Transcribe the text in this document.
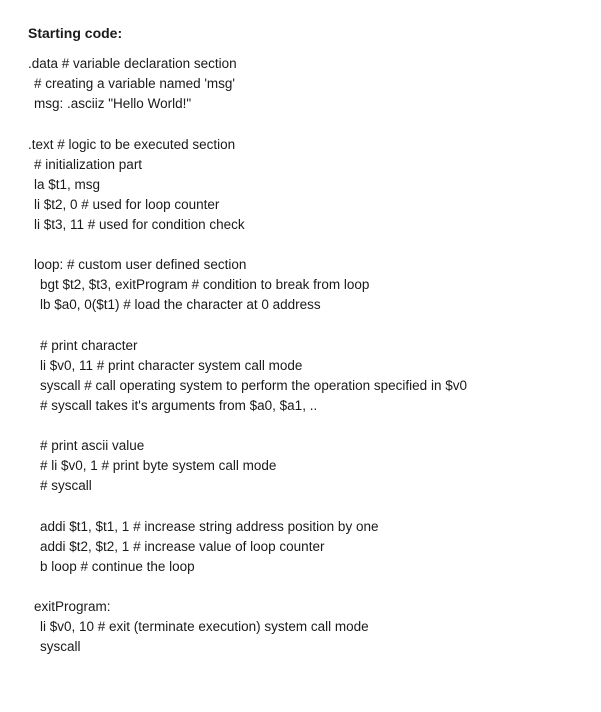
Starting code:
.data # variable declaration section
# creating a variable named 'msg'
msg: .asciiz "Hello World!"
.text # logic to be executed section
# initialization part
la $t1, msg
li $t2, 0 # used for loop counter
li $t3, 11 # used for condition check
loop: # custom user defined section
bgt $t2, $t3, exitProgram # condition to break from loop
lb $a0, 0($t1) # load the character at 0 address
# print character
li $v0, 11 # print character system call mode
syscall # call operating system to perform the operation specified in $v0
# syscall takes it's arguments from $a0, $a1, ..
# print ascii value
# li $v0, 1 # print byte system call mode
# syscall
addi $t1, $t1, 1 # increase string address position by one
addi $t2, $t2, 1 # increase value of loop counter
b loop # continue the loop
exitProgram:
li $v0, 10 # exit (terminate execution) system call mode
syscall
